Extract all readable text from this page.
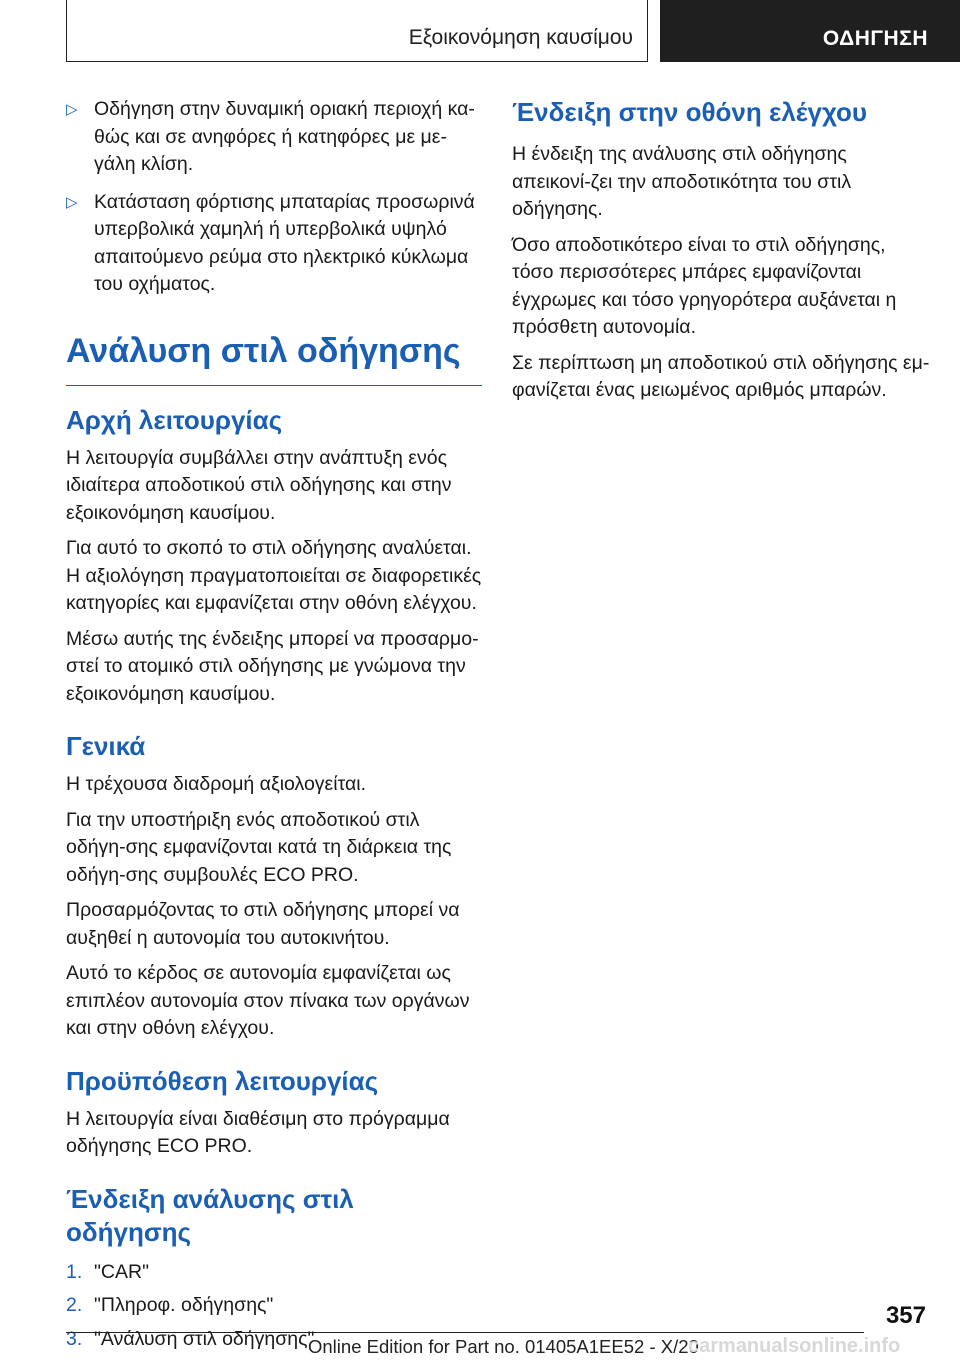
Εξοικονόμηση καυσίμου	ΟΔΗΓΗΣΗ
▷ Οδήγηση στην δυναμική οριακή περιοχή κα-θώς και σε ανηφόρες ή κατηφόρες με με-γάλη κλίση.
▷ Κατάσταση φόρτισης μπαταρίας προσωρινά υπερβολικά χαμηλή ή υπερβολικά υψηλό απαιτούμενο ρεύμα στο ηλεκτρικό κύκλωμα του οχήματος.
Ανάλυση στιλ οδήγησης
Αρχή λειτουργίας
Η λειτουργία συμβάλλει στην ανάπτυξη ενός ιδιαίτερα αποδοτικού στιλ οδήγησης και στην εξοικονόμηση καυσίμου.
Για αυτό το σκοπό το στιλ οδήγησης αναλύεται. Η αξιολόγηση πραγματοποιείται σε διαφορετικές κατηγορίες και εμφανίζεται στην οθόνη ελέγχου.
Μέσω αυτής της ένδειξης μπορεί να προσαρμο-στεί το ατομικό στιλ οδήγησης με γνώμονα την εξοικονόμηση καυσίμου.
Γενικά
Η τρέχουσα διαδρομή αξιολογείται.
Για την υποστήριξη ενός αποδοτικού στιλ οδήγη-σης εμφανίζονται κατά τη διάρκεια της οδήγη-σης συμβουλές ECO PRO.
Προσαρμόζοντας το στιλ οδήγησης μπορεί να αυξηθεί η αυτονομία του αυτοκινήτου.
Αυτό το κέρδος σε αυτονομία εμφανίζεται ως επιπλέον αυτονομία στον πίνακα των οργάνων και στην οθόνη ελέγχου.
Προϋπόθεση λειτουργίας
Η λειτουργία είναι διαθέσιμη στο πρόγραμμα οδήγησης ECO PRO.
Ένδειξη ανάλυσης στιλ
οδήγησης
1. "CAR"
2. "Πληροφ. οδήγησης"
3. "Ανάλυση στιλ οδήγησης"
Ένδειξη στην οθόνη ελέγχου
Η ένδειξη της ανάλυσης στιλ οδήγησης απεικονί-ζει την αποδοτικότητα του στιλ οδήγησης.
Όσο αποδοτικότερο είναι το στιλ οδήγησης, τόσο περισσότερες μπάρες εμφανίζονται έγχρωμες και τόσο γρηγορότερα αυξάνεται η πρόσθετη αυτονομία.
Σε περίπτωση μη αποδοτικού στιλ οδήγησης εμ-φανίζεται ένας μειωμένος αριθμός μπαρών.
357
Online Edition for Part no. 01405A1EE52 - X/20
carmanualsonline.info
